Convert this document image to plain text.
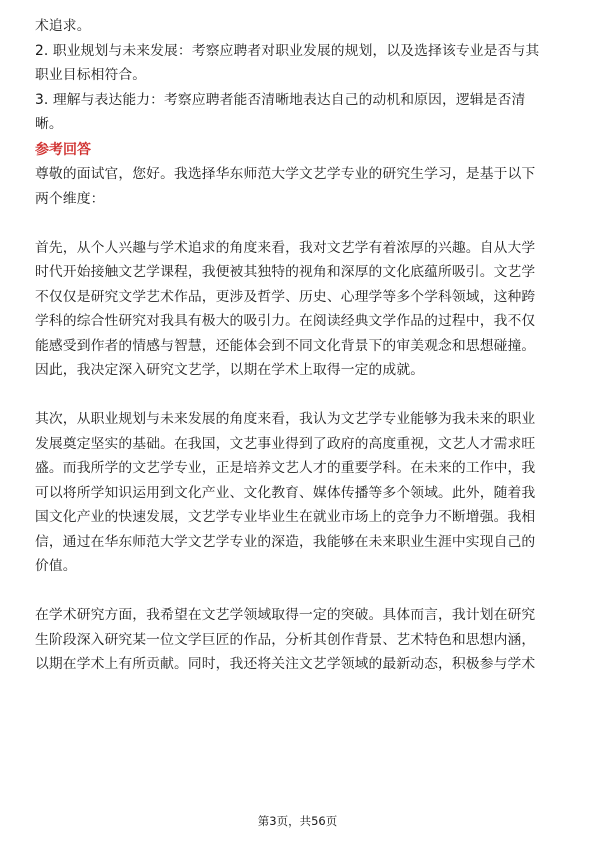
术追求。
2. 职业规划与未来发展：考察应聘者对职业发展的规划，以及选择该专业是否与其
职业目标相符合。
3. 理解与表达能力：考察应聘者能否清晰地表达自己的动机和原因，逻辑是否清
晰。
参考回答
尊敬的面试官，您好。我选择华东师范大学文艺学专业的研究生学习，是基于以下
两个维度：
首先，从个人兴趣与学术追求的角度来看，我对文艺学有着浓厚的兴趣。自从大学
时代开始接触文艺学课程，我便被其独特的视角和深厚的文化底蕴所吸引。文艺学
不仅仅是研究文学艺术作品，更涉及哲学、历史、心理学等多个学科领域，这种跨
学科的综合性研究对我具有极大的吸引力。在阅读经典文学作品的过程中，我不仅
能感受到作者的情感与智慧，还能体会到不同文化背景下的审美观念和思想碰撞。
因此，我决定深入研究文艺学，以期在学术上取得一定的成就。
其次，从职业规划与未来发展的角度来看，我认为文艺学专业能够为我未来的职业
发展奠定坚实的基础。在我国，文艺事业得到了政府的高度重视，文艺人才需求旺
盛。而我所学的文艺学专业，正是培养文艺人才的重要学科。在未来的工作中，我
可以将所学知识运用到文化产业、文化教育、媒体传播等多个领域。此外，随着我
国文化产业的快速发展，文艺学专业毕业生在就业市场上的竞争力不断增强。我相
信，通过在华东师范大学文艺学专业的深造，我能够在未来职业生涯中实现自己的
价值。
在学术研究方面，我希望在文艺学领域取得一定的突破。具体而言，我计划在研究
生阶段深入研究某一位文学巨匠的作品，分析其创作背景、艺术特色和思想内涵，
以期在学术上有所贡献。同时，我还将关注文艺学领域的最新动态，积极参与学术
第3页，共56页
